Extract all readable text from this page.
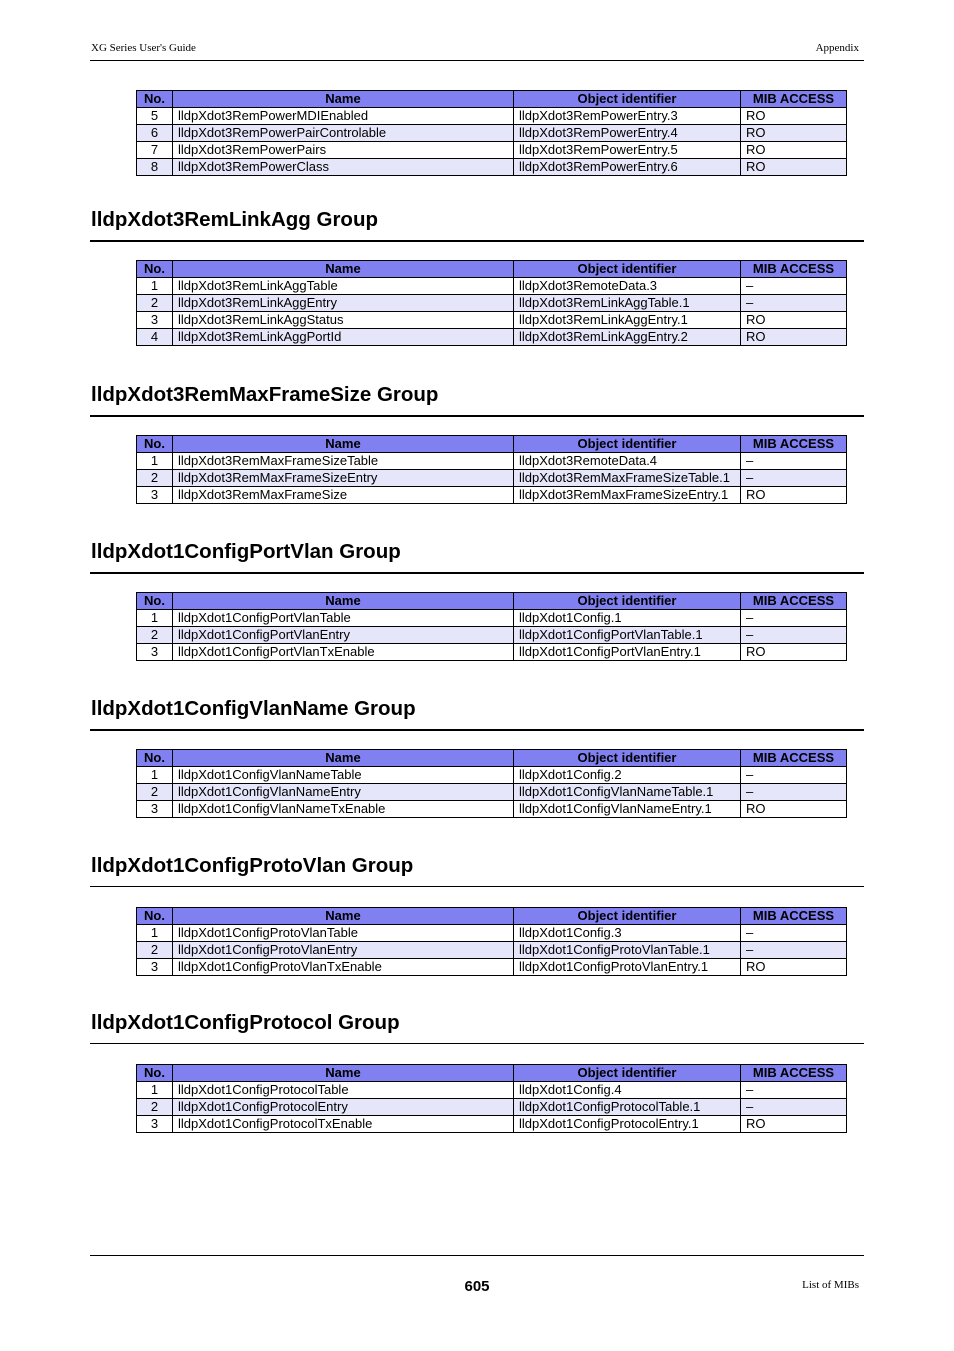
XG Series User's Guide	Appendix
No.	Name	Object identifier	MIB ACCESS
5	lldpXdot3RemPowerMDIEnabled	lldpXdot3RemPowerEntry.3	RO
6	lldpXdot3RemPowerPairControlable	lldpXdot3RemPowerEntry.4	RO
7	lldpXdot3RemPowerPairs	lldpXdot3RemPowerEntry.5	RO
8	lldpXdot3RemPowerClass	lldpXdot3RemPowerEntry.6	RO
lldpXdot3RemLinkAgg Group
No.	Name	Object identifier	MIB ACCESS
1	lldpXdot3RemLinkAggTable	lldpXdot3RemoteData.3	–
2	lldpXdot3RemLinkAggEntry	lldpXdot3RemLinkAggTable.1	–
3	lldpXdot3RemLinkAggStatus	lldpXdot3RemLinkAggEntry.1	RO
4	lldpXdot3RemLinkAggPortId	lldpXdot3RemLinkAggEntry.2	RO
lldpXdot3RemMaxFrameSize Group
No.	Name	Object identifier	MIB ACCESS
1	lldpXdot3RemMaxFrameSizeTable	lldpXdot3RemoteData.4	–
2	lldpXdot3RemMaxFrameSizeEntry	lldpXdot3RemMaxFrameSizeTable.1	–
3	lldpXdot3RemMaxFrameSize	lldpXdot3RemMaxFrameSizeEntry.1	RO
lldpXdot1ConfigPortVlan Group
No.	Name	Object identifier	MIB ACCESS
1	lldpXdot1ConfigPortVlanTable	lldpXdot1Config.1	–
2	lldpXdot1ConfigPortVlanEntry	lldpXdot1ConfigPortVlanTable.1	–
3	lldpXdot1ConfigPortVlanTxEnable	lldpXdot1ConfigPortVlanEntry.1	RO
lldpXdot1ConfigVlanName Group
No.	Name	Object identifier	MIB ACCESS
1	lldpXdot1ConfigVlanNameTable	lldpXdot1Config.2	–
2	lldpXdot1ConfigVlanNameEntry	lldpXdot1ConfigVlanNameTable.1	–
3	lldpXdot1ConfigVlanNameTxEnable	lldpXdot1ConfigVlanNameEntry.1	RO
lldpXdot1ConfigProtoVlan Group
No.	Name	Object identifier	MIB ACCESS
1	lldpXdot1ConfigProtoVlanTable	lldpXdot1Config.3	–
2	lldpXdot1ConfigProtoVlanEntry	lldpXdot1ConfigProtoVlanTable.1	–
3	lldpXdot1ConfigProtoVlanTxEnable	lldpXdot1ConfigProtoVlanEntry.1	RO
lldpXdot1ConfigProtocol Group
No.	Name	Object identifier	MIB ACCESS
1	lldpXdot1ConfigProtocolTable	lldpXdot1Config.4	–
2	lldpXdot1ConfigProtocolEntry	lldpXdot1ConfigProtocolTable.1	–
3	lldpXdot1ConfigProtocolTxEnable	lldpXdot1ConfigProtocolEntry.1	RO
605	List of MIBs
